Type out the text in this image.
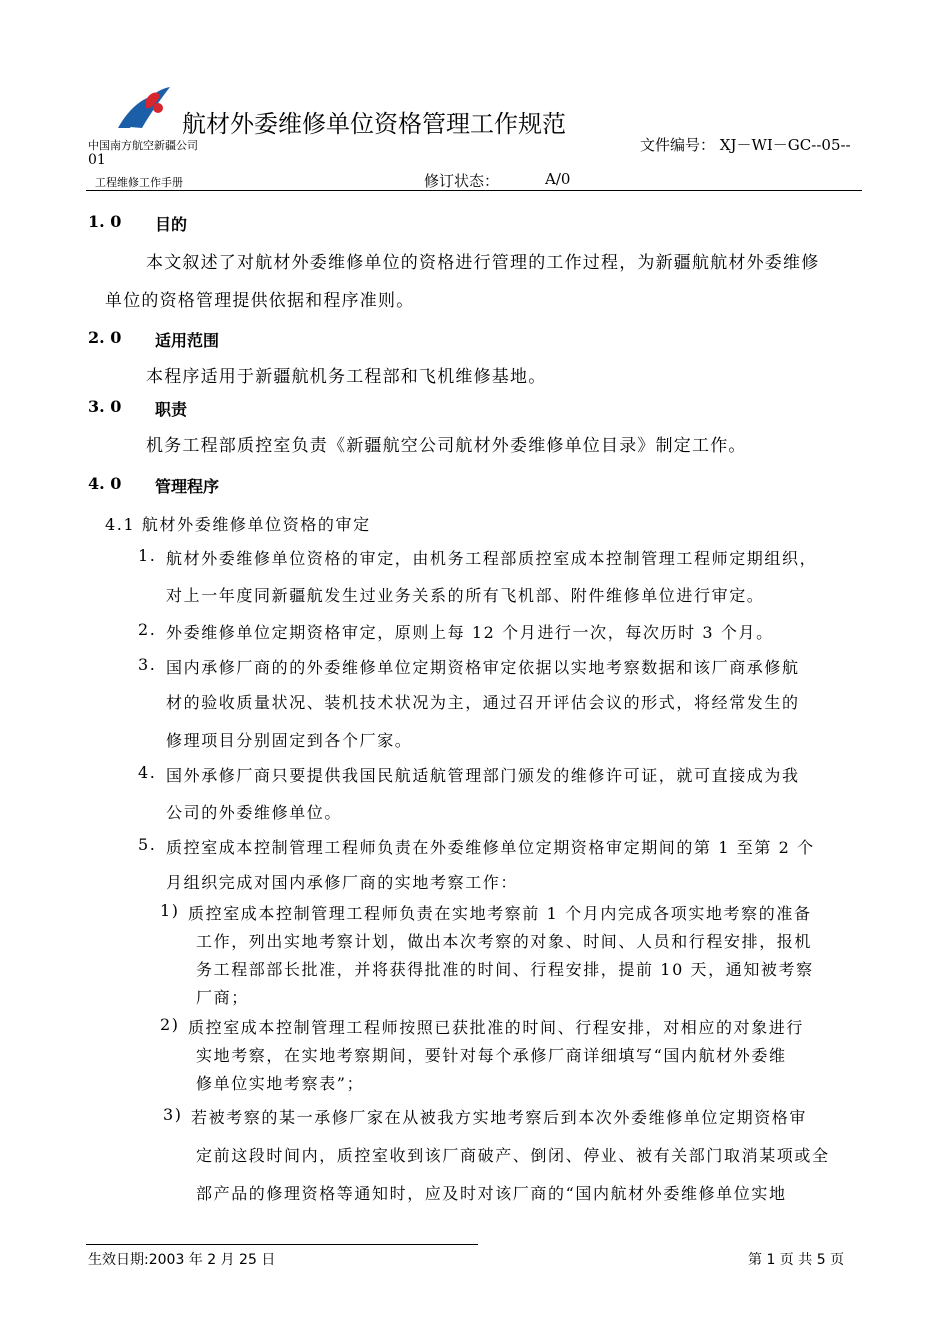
航材外委维修单位资格管理工作规范
中国南方航空新疆公司	文件编号： XJ－WI－GC--05--
01
工程维修工作手册	修订状态：	A/0
1. 0 目的
本文叙述了对航材外委维修单位的资格进行管理的工作过程，为新疆航航材外委维修
单位的资格管理提供依据和程序准则。
2. 0 适用范围
本程序适用于新疆航机务工程部和飞机维修基地。
3. 0 职责
机务工程部质控室负责《新疆航空公司航材外委维修单位目录》制定工作。
4. 0 管理程序
4.1 航材外委维修单位资格的审定
1. 航材外委维修单位资格的审定，由机务工程部质控室成本控制管理工程师定期组织，
对上一年度同新疆航发生过业务关系的所有飞机部、附件维修单位进行审定。
2. 外委维修单位定期资格审定，原则上每 12 个月进行一次，每次历时 3 个月。
3. 国内承修厂商的的外委维修单位定期资格审定依据以实地考察数据和该厂商承修航
材的验收质量状况、装机技术状况为主，通过召开评估会议的形式，将经常发生的
修理项目分别固定到各个厂家。
4. 国外承修厂商只要提供我国民航适航管理部门颁发的维修许可证，就可直接成为我
公司的外委维修单位。
5. 质控室成本控制管理工程师负责在外委维修单位定期资格审定期间的第 1 至第 2 个
月组织完成对国内承修厂商的实地考察工作：
1) 质控室成本控制管理工程师负责在实地考察前 1 个月内完成各项实地考察的准备
工作，列出实地考察计划，做出本次考察的对象、时间、人员和行程安排，报机
务工程部部长批准，并将获得批准的时间、行程安排，提前 10 天，通知被考察
厂商；
2) 质控室成本控制管理工程师按照已获批准的时间、行程安排，对相应的对象进行
实地考察，在实地考察期间，要针对每个承修厂商详细填写“国内航材外委维
修单位实地考察表”；
3) 若被考察的某一承修厂家在从被我方实地考察后到本次外委维修单位定期资格审
定前这段时间内，质控室收到该厂商破产、倒闭、停业、被有关部门取消某项或全
部产品的修理资格等通知时，应及时对该厂商的“国内航材外委维修单位实地
生效日期:2003 年 2 月 25 日	第 1 页 共 5 页
